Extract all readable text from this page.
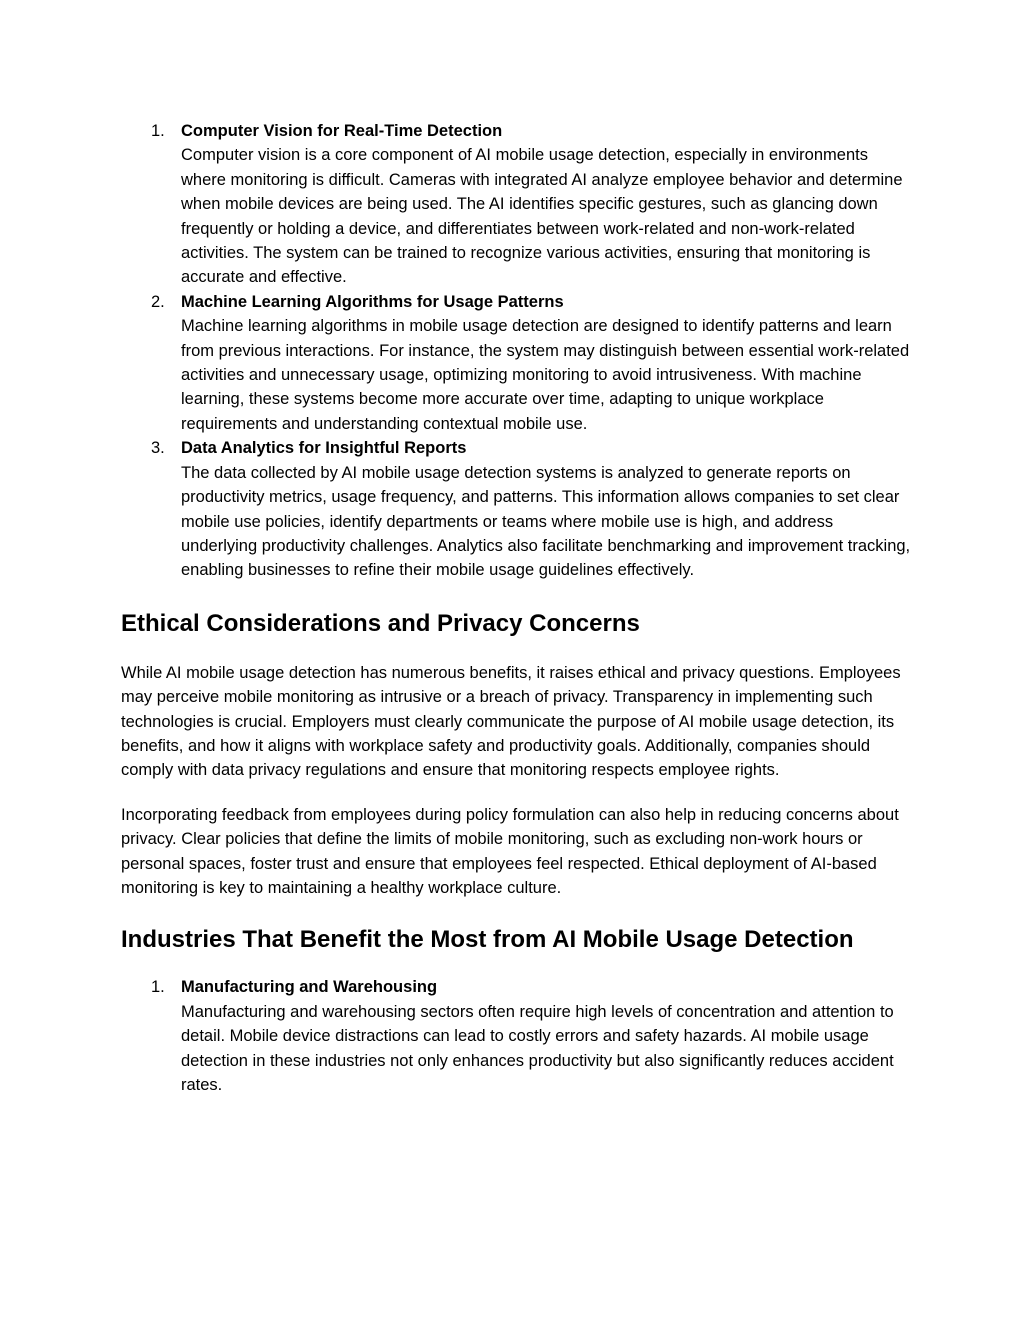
1. Computer Vision for Real-Time Detection

Computer vision is a core component of AI mobile usage detection, especially in environments where monitoring is difficult. Cameras with integrated AI analyze employee behavior and determine when mobile devices are being used. The AI identifies specific gestures, such as glancing down frequently or holding a device, and differentiates between work-related and non-work-related activities. The system can be trained to recognize various activities, ensuring that monitoring is accurate and effective.

2. Machine Learning Algorithms for Usage Patterns

Machine learning algorithms in mobile usage detection are designed to identify patterns and learn from previous interactions. For instance, the system may distinguish between essential work-related activities and unnecessary usage, optimizing monitoring to avoid intrusiveness. With machine learning, these systems become more accurate over time, adapting to unique workplace requirements and understanding contextual mobile use.

3. Data Analytics for Insightful Reports

The data collected by AI mobile usage detection systems is analyzed to generate reports on productivity metrics, usage frequency, and patterns. This information allows companies to set clear mobile use policies, identify departments or teams where mobile use is high, and address underlying productivity challenges. Analytics also facilitate benchmarking and improvement tracking, enabling businesses to refine their mobile usage guidelines effectively.

Ethical Considerations and Privacy Concerns

While AI mobile usage detection has numerous benefits, it raises ethical and privacy questions. Employees may perceive mobile monitoring as intrusive or a breach of privacy. Transparency in implementing such technologies is crucial. Employers must clearly communicate the purpose of AI mobile usage detection, its benefits, and how it aligns with workplace safety and productivity goals. Additionally, companies should comply with data privacy regulations and ensure that monitoring respects employee rights.

Incorporating feedback from employees during policy formulation can also help in reducing concerns about privacy. Clear policies that define the limits of mobile monitoring, such as excluding non-work hours or personal spaces, foster trust and ensure that employees feel respected. Ethical deployment of AI-based monitoring is key to maintaining a healthy workplace culture.

Industries That Benefit the Most from AI Mobile Usage Detection
1. Manufacturing and Warehousing

Manufacturing and warehousing sectors often require high levels of concentration and attention to detail. Mobile device distractions can lead to costly errors and safety hazards. AI mobile usage detection in these industries not only enhances productivity but also significantly reduces accident rates.
